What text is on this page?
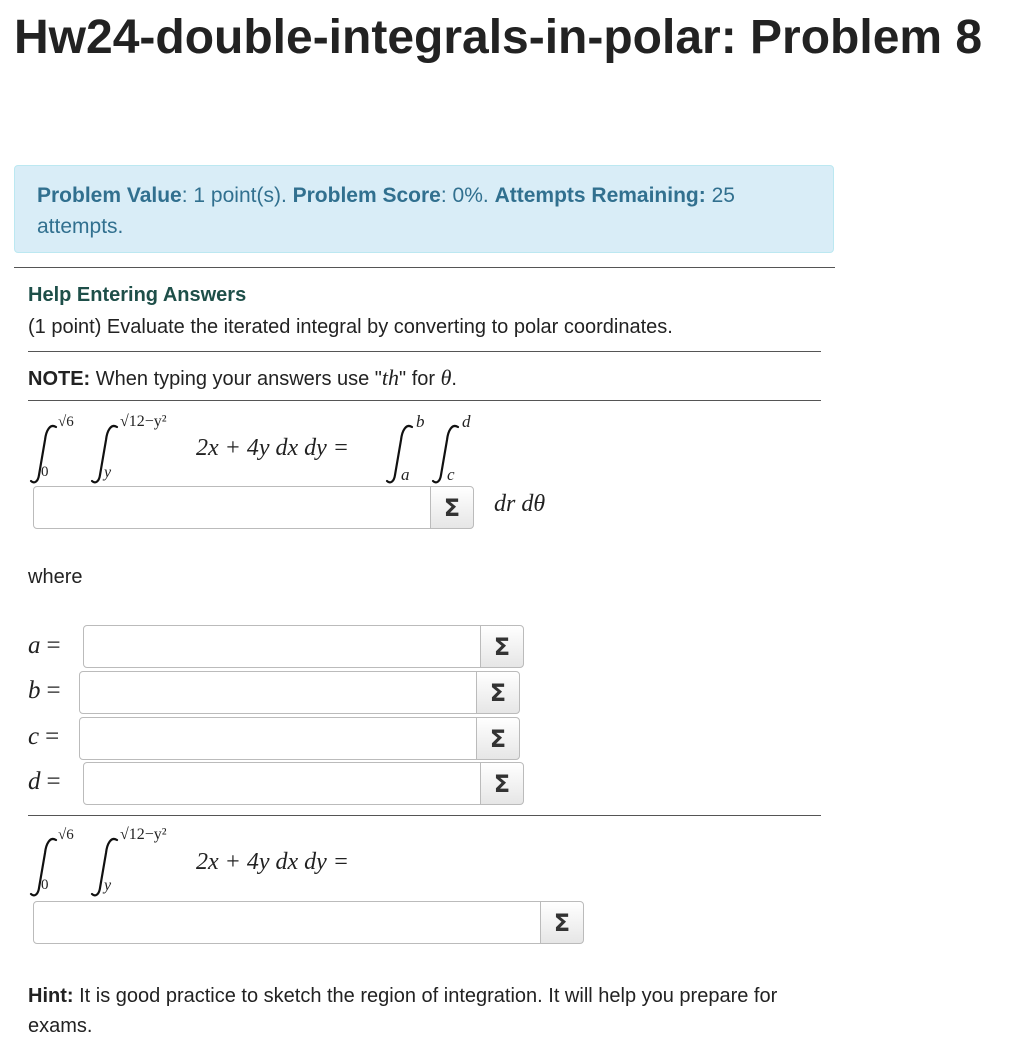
Hw24-double-integrals-in-polar: Problem 8
Problem Value: 1 point(s). Problem Score: 0%. Attempts Remaining: 25 attempts.
Help Entering Answers
(1 point) Evaluate the iterated integral by converting to polar coordinates.
NOTE: When typing your answers use "th" for θ.
√6
0
√12−y²
y
2x + 4y dx dy =
b
a
d
c
Σ	dr dθ
where
a =	Σ
b =	Σ
c =	Σ
d =	Σ
√6
0
√12−y²
y
2x + 4y dx dy =
Σ
Hint: It is good practice to sketch the region of integration. It will help you prepare for exams.
